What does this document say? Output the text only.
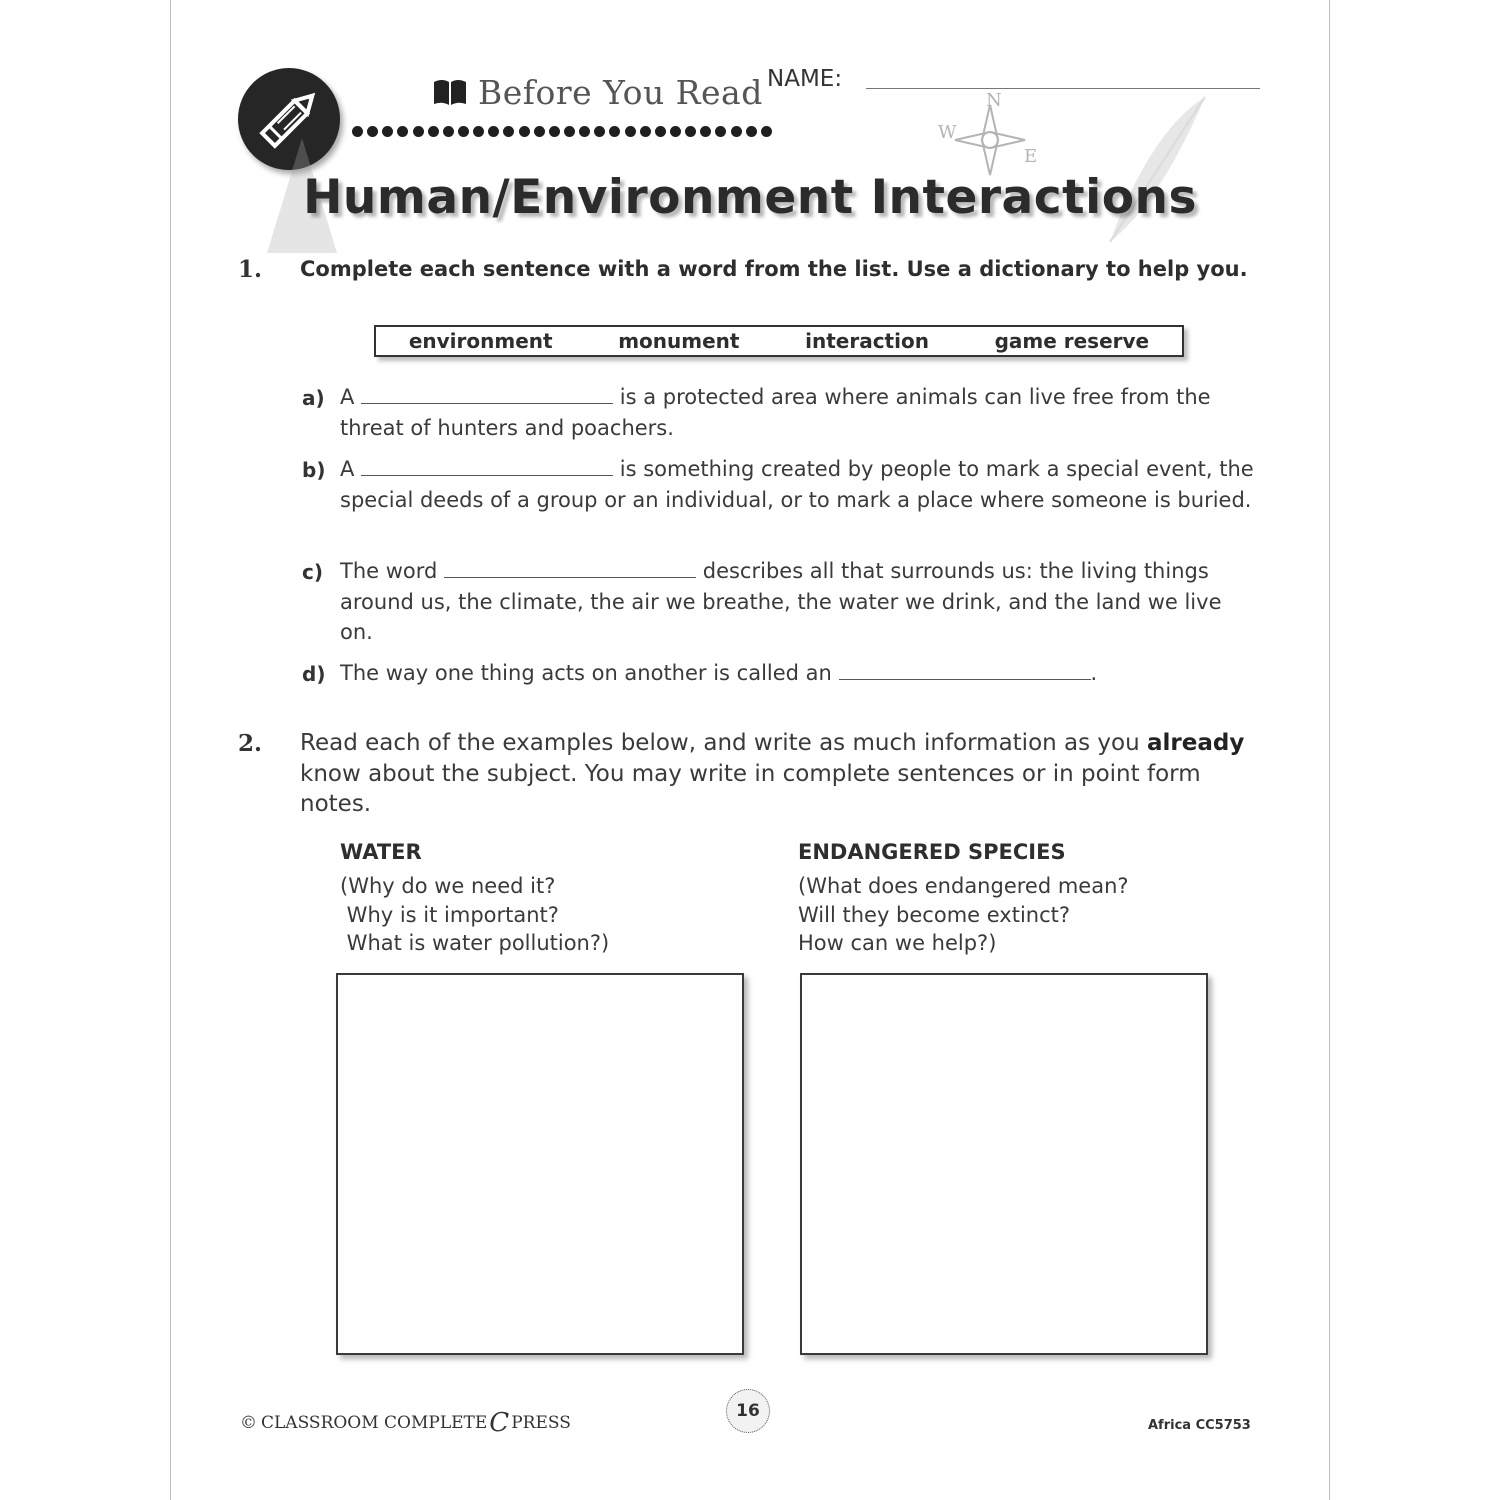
Before You Read NAME:
N
W
E
Human/Environment Interactions
1. Complete each sentence with a word from the list. Use a dictionary to help you.
environment	monument	interaction	game reserve
a) A	is a protected area where animals can live free from the threat of hunters and poachers.
b) A	is something created by people to mark a special event, the special deeds of a group or an individual, or to mark a place where someone is buried.
c) The word	describes all that surrounds us: the living things around us, the climate, the air we breathe, the water we drink, and the land we live on.
d) The way one thing acts on another is called an	.
2. Read each of the examples below, and write as much information as you already know about the subject. You may write in complete sentences or in point form notes.
WATER
(Why do we need it?
Why is it important?
What is water pollution?)
ENDANGERED SPECIES
(What does endangered mean?
Will they become extinct?
How can we help?)
© CLASSROOM COMPLETE C PRESS
16
Africa CC5753
